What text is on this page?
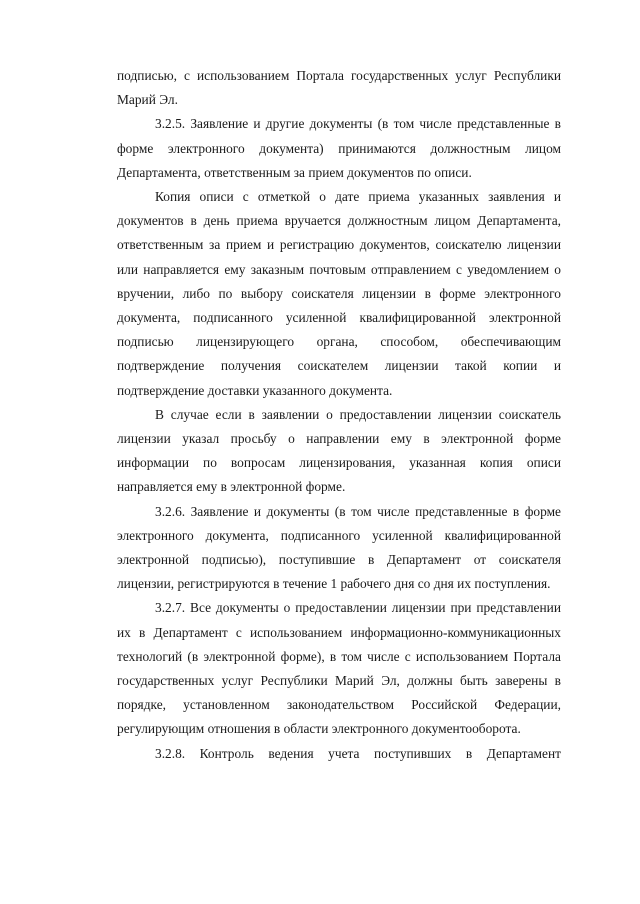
подписью, с использованием Портала государственных услуг Республики Марий Эл.

3.2.5. Заявление и другие документы (в том числе представленные в форме электронного документа) принимаются должностным лицом Департамента, ответственным за прием документов по описи.

Копия описи с отметкой о дате приема указанных заявления и документов в день приема вручается должностным лицом Департамента, ответственным за прием и регистрацию документов, соискателю лицензии или направляется ему заказным почтовым отправлением с уведомлением о вручении, либо по выбору соискателя лицензии в форме электронного документа, подписанного усиленной квалифицированной электронной подписью лицензирующего органа, способом, обеспечивающим подтверждение получения соискателем лицензии такой копии и подтверждение доставки указанного документа.

В случае если в заявлении о предоставлении лицензии соискатель лицензии указал просьбу о направлении ему в электронной форме информации по вопросам лицензирования, указанная копия описи направляется ему в электронной форме.

3.2.6. Заявление и документы (в том числе представленные в форме электронного документа, подписанного усиленной квалифицированной электронной подписью), поступившие в Департамент от соискателя лицензии, регистрируются в течение 1 рабочего дня со дня их поступления.

3.2.7. Все документы о предоставлении лицензии при представлении их в Департамент с использованием информационно-коммуникационных технологий (в электронной форме), в том числе с использованием Портала государственных услуг Республики Марий Эл, должны быть заверены в порядке, установленном законодательством Российской Федерации, регулирующим отношения в области электронного документооборота.

3.2.8. Контроль ведения учета поступивших в Департамент
